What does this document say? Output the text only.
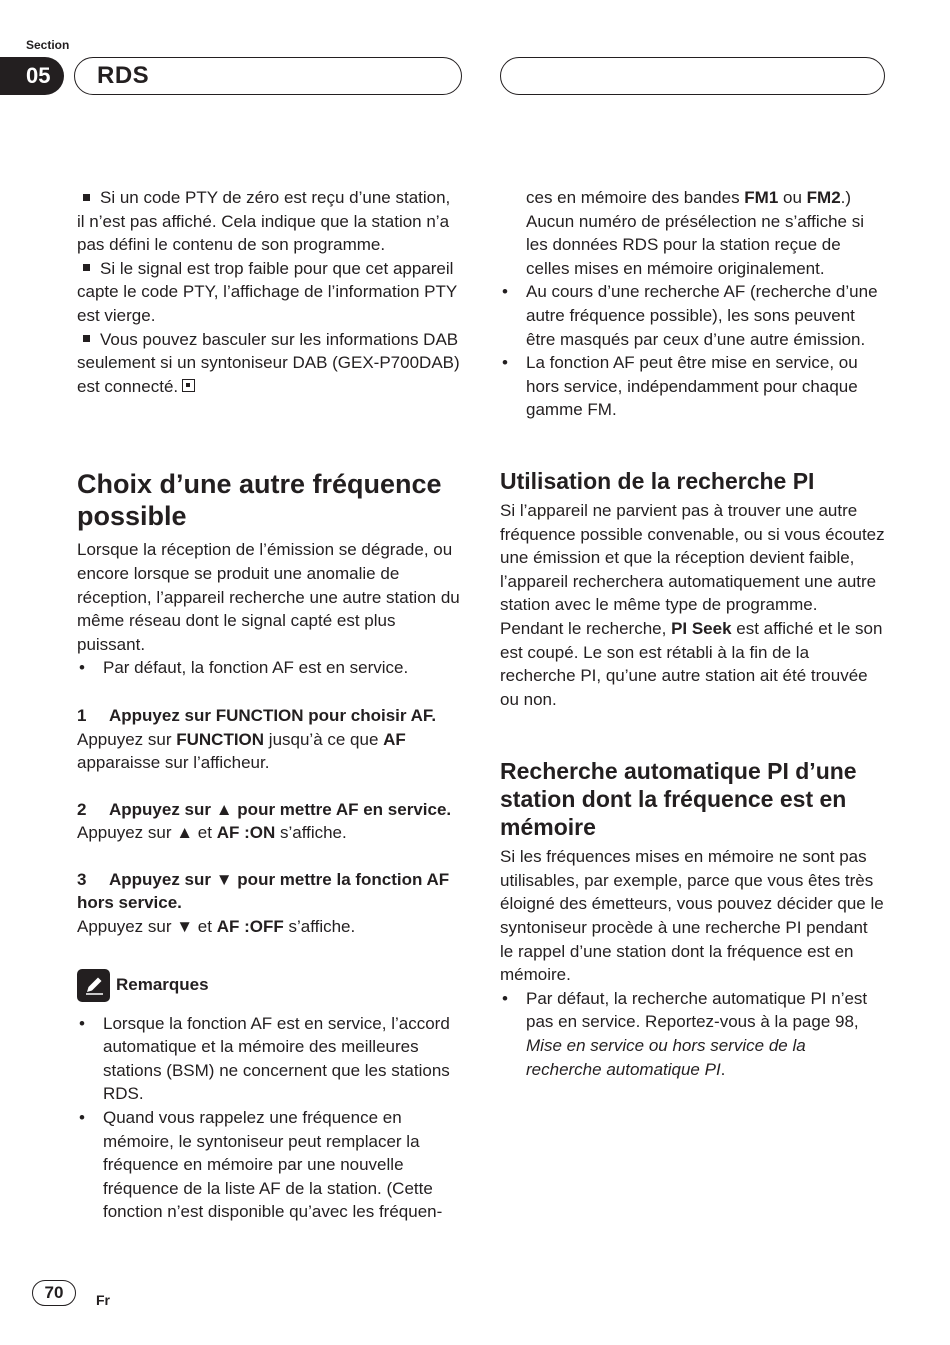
Section
05	RDS

Si un code PTY de zéro est reçu d’une station, il n’est pas affiché. Cela indique que la station n’a pas défini le contenu de son programme.

Si le signal est trop faible pour que cet appareil capte le code PTY, l’affichage de l’information PTY est vierge.

Vous pouvez basculer sur les informations DAB seulement si un syntoniseur DAB (GEX-P700DAB) est connecté.

Choix d’une autre fréquence possible

Lorsque la réception de l’émission se dégrade, ou encore lorsque se produit une anomalie de réception, l’appareil recherche une autre station du même réseau dont le signal capté est plus puissant.

• Par défaut, la fonction AF est en service.
1 Appuyez sur FUNCTION pour choisir AF.

Appuyez sur FUNCTION jusqu’à ce que AF apparaisse sur l’afficheur.

2 Appuyez sur ▲ pour mettre AF en service.

Appuyez sur ▲ et AF :ON s’affiche.

3 Appuyez sur ▼ pour mettre la fonction AF hors service.

Appuyez sur ▼ et AF :OFF s’affiche.

Remarques
• Lorsque la fonction AF est en service, l’accord automatique et la mémoire des meilleures stations (BSM) ne concernent que les stations RDS.
• Quand vous rappelez une fréquence en mémoire, le syntoniseur peut remplacer la fréquence en mémoire par une nouvelle fréquence de la liste AF de la station. (Cette fonction n’est disponible qu’avec les fréquen-

ces en mémoire des bandes FM1 ou FM2.) Aucun numéro de présélection ne s’affiche si les données RDS pour la station reçue de celles mises en mémoire originalement.

• Au cours d’une recherche AF (recherche d’une autre fréquence possible), les sons peuvent être masqués par ceux d’une autre émission.
• La fonction AF peut être mise en service, ou hors service, indépendamment pour chaque gamme FM.
Utilisation de la recherche PI

Si l’appareil ne parvient pas à trouver une autre fréquence possible convenable, ou si vous écoutez une émission et que la réception devient faible, l’appareil recherchera automatiquement une autre station avec le même type de programme. Pendant le recherche, PI Seek est affiché et le son est coupé. Le son est rétabli à la fin de la recherche PI, qu’une autre station ait été trouvée ou non.

Recherche automatique PI d’une station dont la fréquence est en mémoire

Si les fréquences mises en mémoire ne sont pas utilisables, par exemple, parce que vous êtes très éloigné des émetteurs, vous pouvez décider que le syntoniseur procède à une recherche PI pendant le rappel d’une station dont la fréquence est en mémoire.

• Par défaut, la recherche automatique PI n’est pas en service. Reportez-vous à la page 98, Mise en service ou hors service de la recherche automatique PI.
70	Fr
